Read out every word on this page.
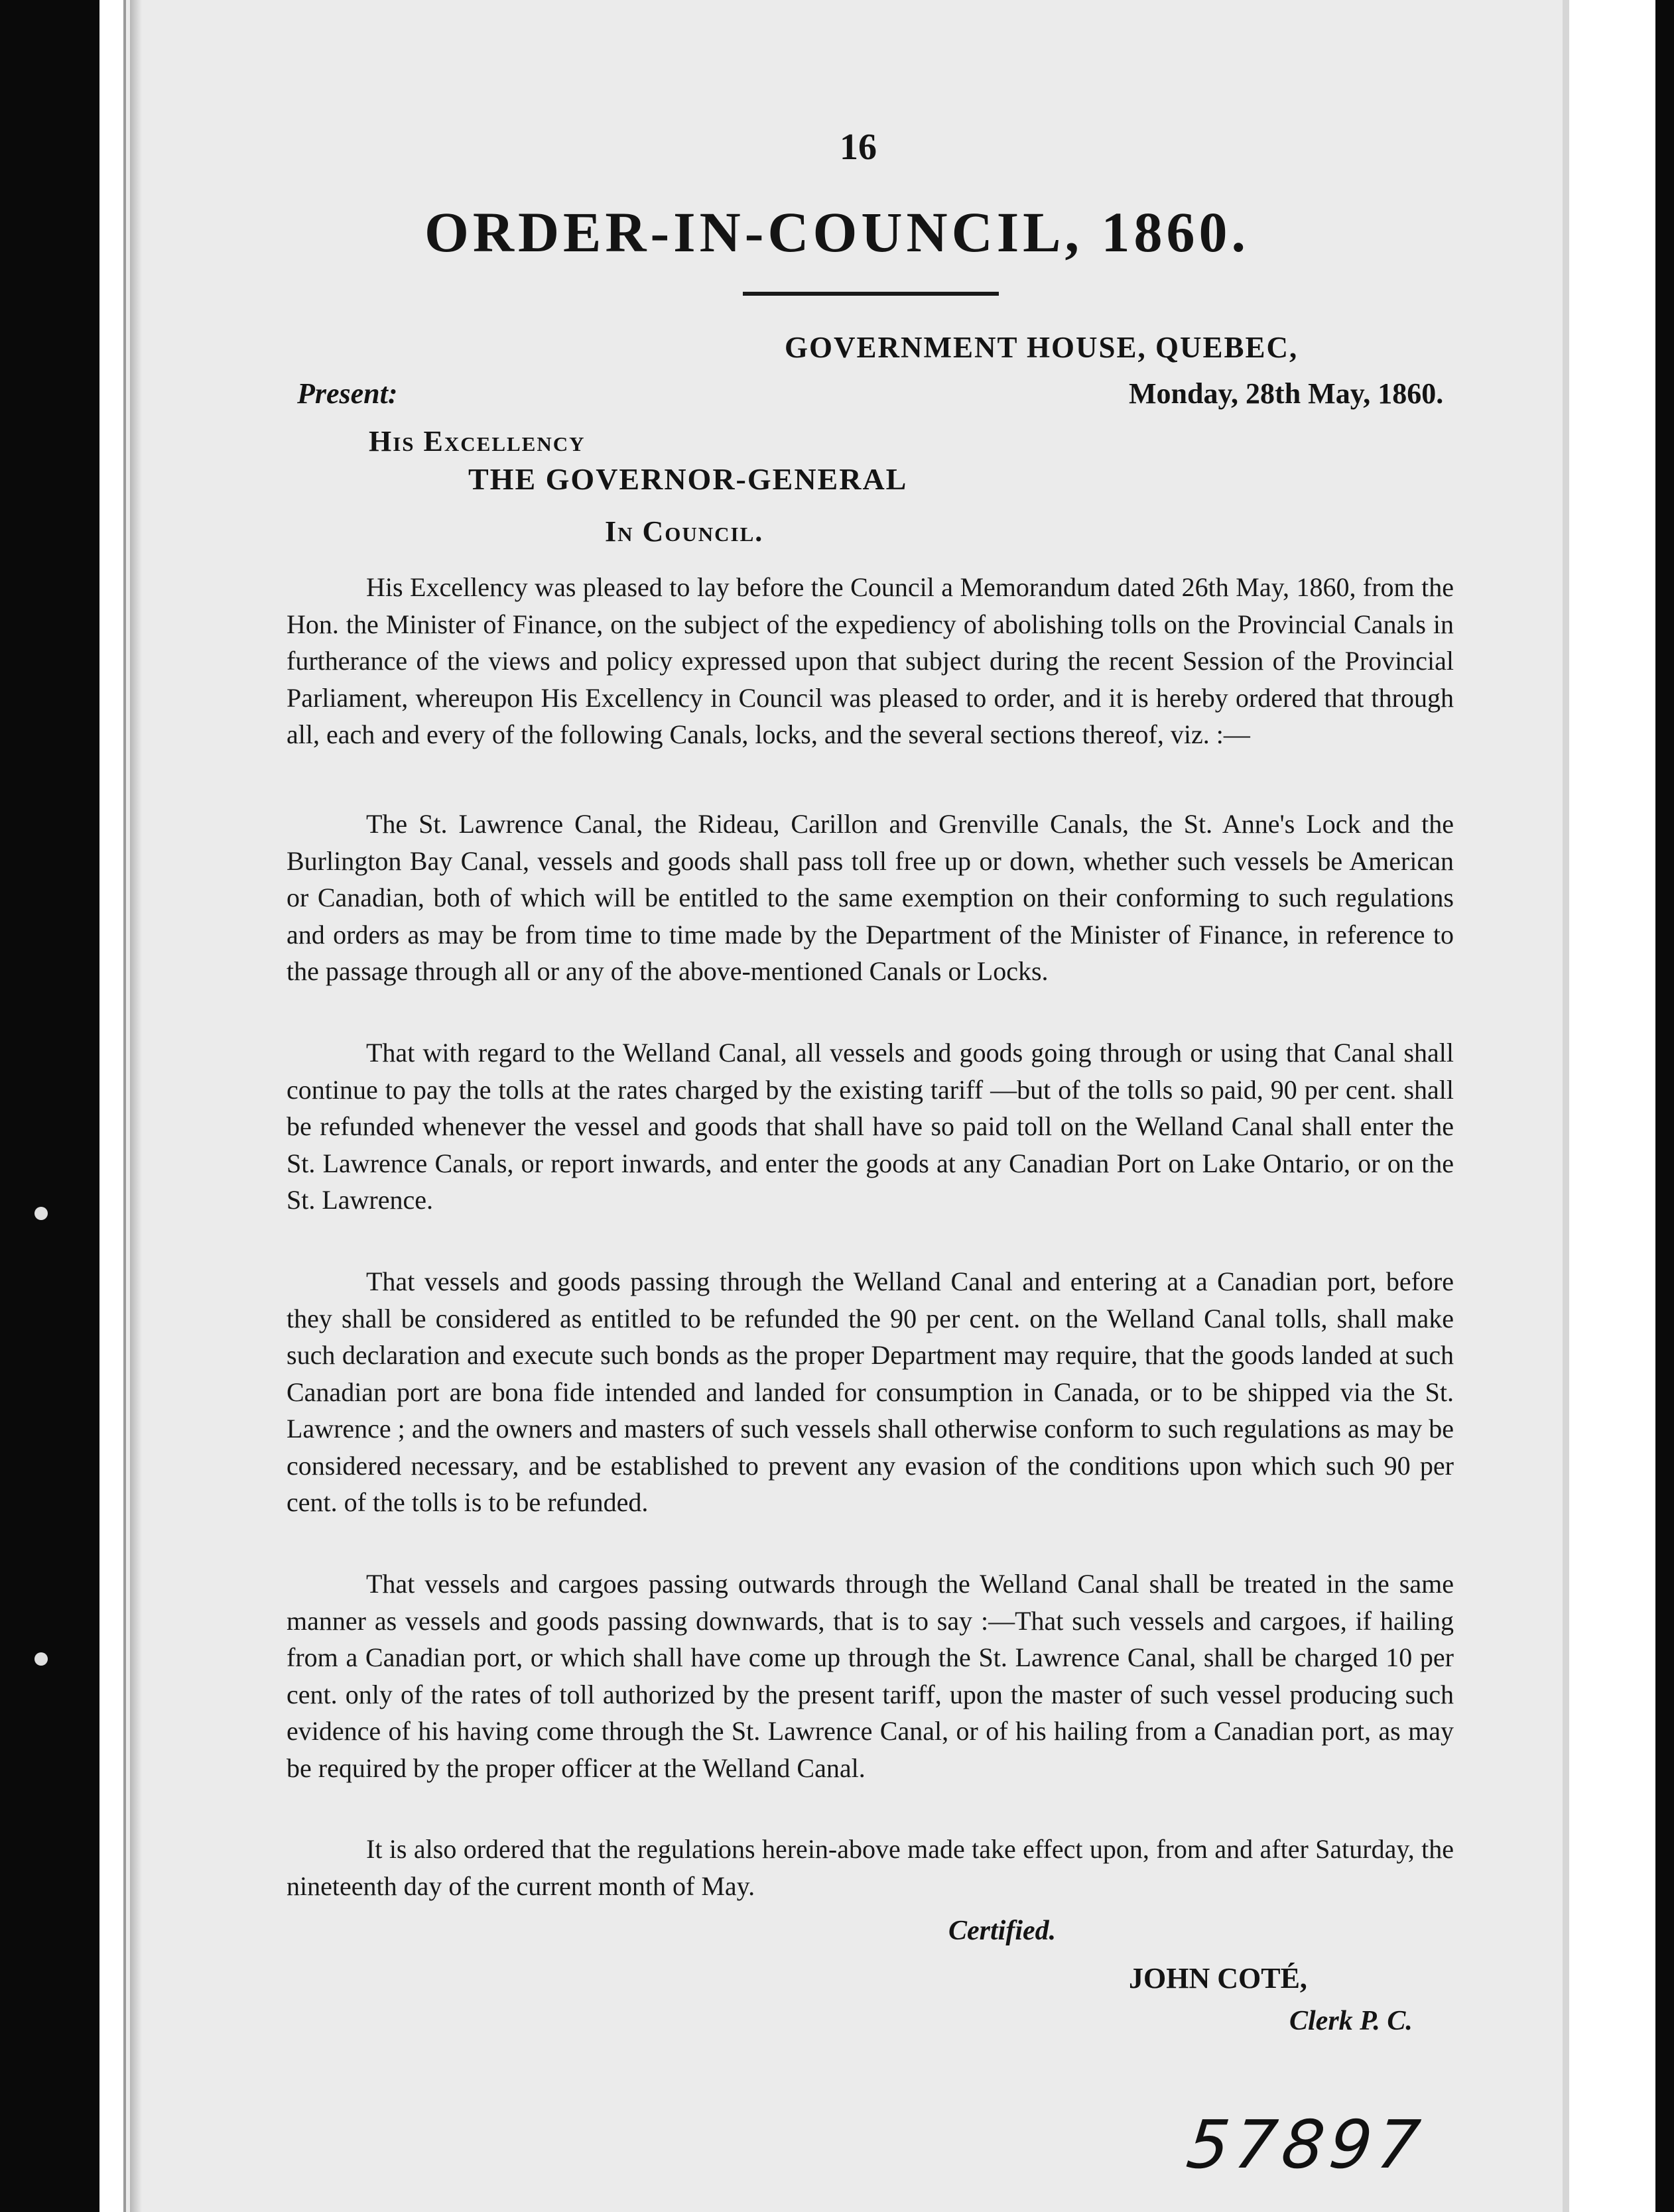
16
ORDER-IN-COUNCIL, 1860.
GOVERNMENT HOUSE, QUEBEC,
Present:	Monday, 28th May, 1860.
His Excellency
THE GOVERNOR-GENERAL
In Council.

His Excellency was pleased to lay before the Council a Memorandum dated 26th May, 1860, from the Hon. the Minister of Finance, on the subject of the expediency of abolishing tolls on the Provincial Canals in furtherance of the views and policy expressed upon that subject during the recent Session of the Provincial Parliament, whereupon His Excellency in Council was pleased to order, and it is hereby ordered that through all, each and every of the following Canals, locks, and the several sections thereof, viz. :—

The St. Lawrence Canal, the Rideau, Carillon and Grenville Canals, the St. Anne's Lock and the Burlington Bay Canal, vessels and goods shall pass toll free up or down, whether such vessels be American or Canadian, both of which will be entitled to the same exemption on their conforming to such regulations and orders as may be from time to time made by the Department of the Minister of Finance, in reference to the passage through all or any of the above-mentioned Canals or Locks.

That with regard to the Welland Canal, all vessels and goods going through or using that Canal shall continue to pay the tolls at the rates charged by the existing tariff —but of the tolls so paid, 90 per cent. shall be refunded whenever the vessel and goods that shall have so paid toll on the Welland Canal shall enter the St. Lawrence Canals, or report inwards, and enter the goods at any Canadian Port on Lake Ontario, or on the St. Lawrence.

That vessels and goods passing through the Welland Canal and entering at a Canadian port, before they shall be considered as entitled to be refunded the 90 per cent. on the Welland Canal tolls, shall make such declaration and execute such bonds as the proper Department may require, that the goods landed at such Canadian port are bona fide intended and landed for consumption in Canada, or to be shipped via the St. Lawrence ; and the owners and masters of such vessels shall otherwise conform to such regulations as may be considered necessary, and be established to prevent any evasion of the conditions upon which such 90 per cent. of the tolls is to be refunded.

That vessels and cargoes passing outwards through the Welland Canal shall be treated in the same manner as vessels and goods passing downwards, that is to say :—That such vessels and cargoes, if hailing from a Canadian port, or which shall have come up through the St. Lawrence Canal, shall be charged 10 per cent. only of the rates of toll authorized by the present tariff, upon the master of such vessel producing such evidence of his having come through the St. Lawrence Canal, or of his hailing from a Canadian port, as may be required by the proper officer at the Welland Canal.

It is also ordered that the regulations herein-above made take effect upon, from and after Saturday, the nineteenth day of the current month of May.

Certified.
JOHN COTÉ,
Clerk P. C.
57897
